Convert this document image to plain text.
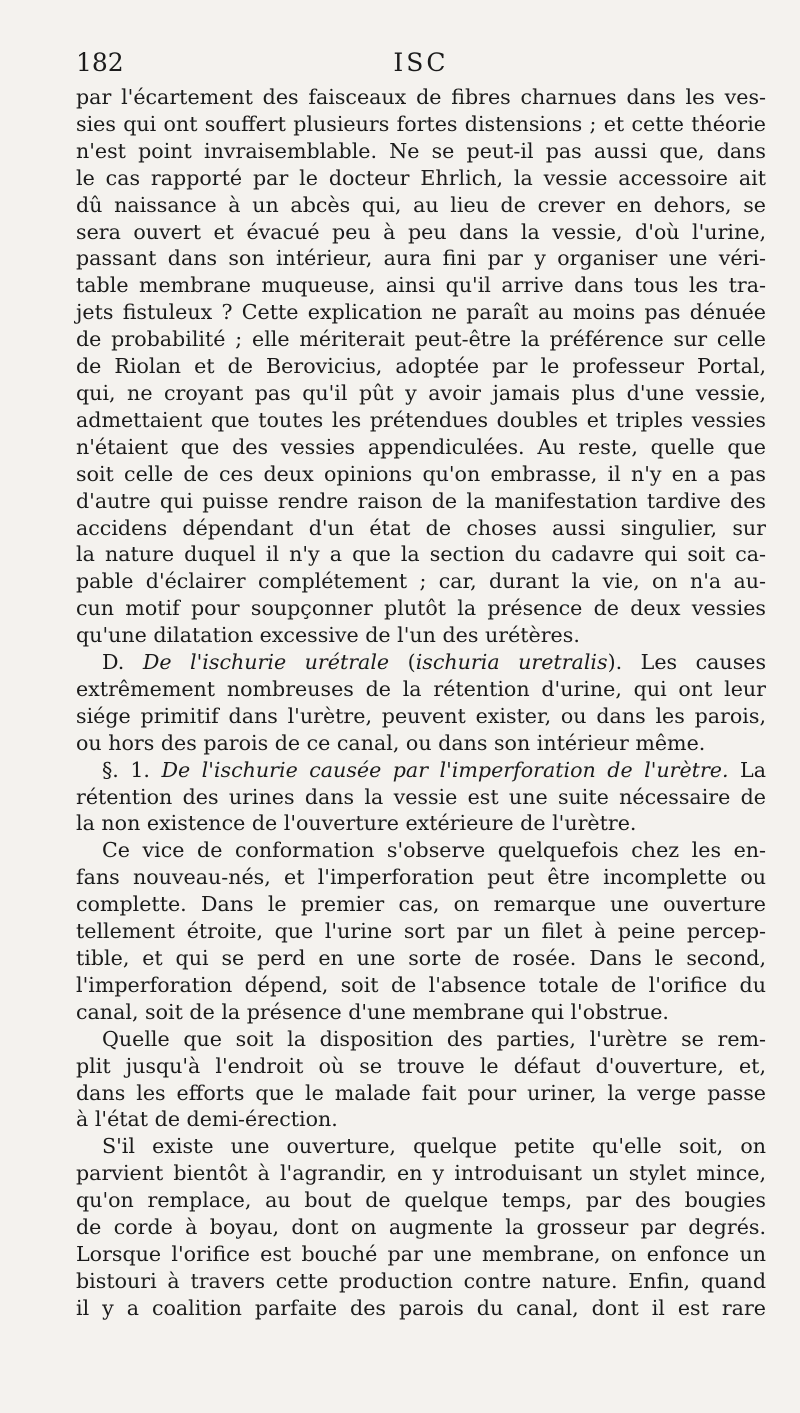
182	ISC
par l'écartement des faisceaux de fibres charnues dans les ves-
sies qui ont souffert plusieurs fortes distensions ; et cette théorie
n'est point invraisemblable. Ne se peut-il pas aussi que, dans
le cas rapporté par le docteur Ehrlich, la vessie accessoire ait
dû naissance à un abcès qui, au lieu de crever en dehors, se
sera ouvert et évacué peu à peu dans la vessie, d'où l'urine,
passant dans son intérieur, aura fini par y organiser une véri-
table membrane muqueuse, ainsi qu'il arrive dans tous les tra-
jets fistuleux ? Cette explication ne paraît au moins pas dénuée
de probabilité ; elle mériterait peut-être la préférence sur celle
de Riolan et de Berovicius, adoptée par le professeur Portal,
qui, ne croyant pas qu'il pût y avoir jamais plus d'une vessie,
admettaient que toutes les prétendues doubles et triples vessies
n'étaient que des vessies appendiculées. Au reste, quelle que
soit celle de ces deux opinions qu'on embrasse, il n'y en a pas
d'autre qui puisse rendre raison de la manifestation tardive des
accidens dépendant d'un état de choses aussi singulier, sur
la nature duquel il n'y a que la section du cadavre qui soit ca-
pable d'éclairer complétement ; car, durant la vie, on n'a au-
cun motif pour soupçonner plutôt la présence de deux vessies
qu'une dilatation excessive de l'un des urétères.
D. De l'ischurie urétrale (ischuria uretralis). Les causes
extrêmement nombreuses de la rétention d'urine, qui ont leur
siége primitif dans l'urètre, peuvent exister, ou dans les parois,
ou hors des parois de ce canal, ou dans son intérieur même.
§. 1. De l'ischurie causée par l'imperforation de l'urètre. La
rétention des urines dans la vessie est une suite nécessaire de
la non existence de l'ouverture extérieure de l'urètre.
Ce vice de conformation s'observe quelquefois chez les en-
fans nouveau-nés, et l'imperforation peut être incomplette ou
complette. Dans le premier cas, on remarque une ouverture
tellement étroite, que l'urine sort par un filet à peine percep-
tible, et qui se perd en une sorte de rosée. Dans le second,
l'imperforation dépend, soit de l'absence totale de l'orifice du
canal, soit de la présence d'une membrane qui l'obstrue.
Quelle que soit la disposition des parties, l'urètre se rem-
plit jusqu'à l'endroit où se trouve le défaut d'ouverture, et,
dans les efforts que le malade fait pour uriner, la verge passe
à l'état de demi-érection.
S'il existe une ouverture, quelque petite qu'elle soit, on
parvient bientôt à l'agrandir, en y introduisant un stylet mince,
qu'on remplace, au bout de quelque temps, par des bougies
de corde à boyau, dont on augmente la grosseur par degrés.
Lorsque l'orifice est bouché par une membrane, on enfonce un
bistouri à travers cette production contre nature. Enfin, quand
il y a coalition parfaite des parois du canal, dont il est rare
